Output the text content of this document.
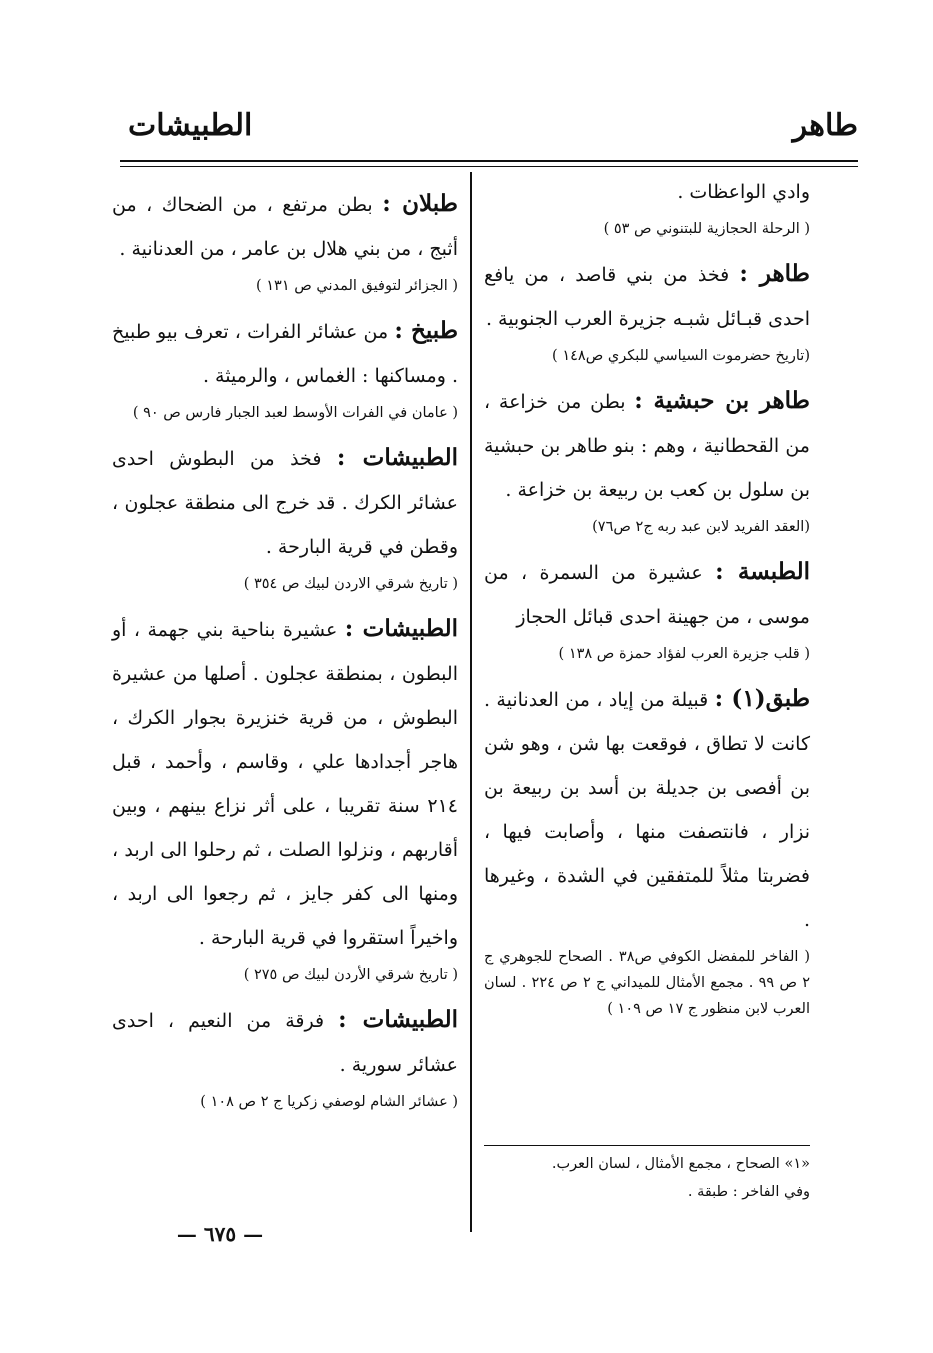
طاهر
الطبيشات

وادي الواعظات .

( الرحلة الحجازية للبتنوني ص ٥٣ )

طاهر : فخذ من بني قاصد ، من يافع احدى قبـائل شبـه جزيرة العرب الجنوبية .

(تاريخ حضرموت السياسي للبكري ص١٤٨ )

طاهر بن حبشية : بطن من خزاعة ، من القحطانية ، وهم : بنو طاهر بن حبشية بن سلول بن كعب بن ربيعة بن خزاعة .

(العقد الفريد لابن عبد ربه ج٢ ص٧٦)

الطبسة : عشيرة من السمرة ، من موسى ، من جهينة احدى قبائل الحجاز

( قلب جزيرة العرب لفؤاد حمزة ص ١٣٨ )

طبق(١) : قبيلة من إياد ، من العدنانية . كانت لا تطاق ، فوقعت بها شن ، وهو شن بن أفصى بن جديلة بن أسد بن ربيعة بن نزار ، فانتصفت منها ، وأصابت فيها ، فضربتا مثلاً للمتفقين في الشدة ، وغيرها .

( الفاخر للمفضل الكوفي ص٣٨ . الصحاح للجوهري ج ٢ ص ٩٩ . مجمع الأمثال للميداني ج ٢ ص ٢٢٤ . لسان العرب لابن منظور ج ١٧ ص ١٠٩ )

«١» الصحاح ، مجمع الأمثال ، لسان العرب.

وفي الفاخر : طبقة .

طبلان : بطن مرتفع ، من الضحاك ، من أثبج ، من بني هلال بن عامر ، من العدنانية .

( الجزائر لتوفيق المدني ص ١٣١ )

طبيخ : من عشائر الفرات ، تعرف بيو طبيخ . ومساكنها : الغماس ، والرميثة .

( عامان في الفرات الأوسط لعبد الجبار فارس ص ٩٠ )

الطبيشات : فخذ من البطوش احدى عشائر الكرك . قد خرج الى منطقة عجلون ، وقطن في قرية البارحة .

( تاريخ شرقي الاردن لبيك ص ٣٥٤ )

الطبيشات : عشيرة بناحية بني جهمة ، أو البطون ، بمنطقة عجلون . أصلها من عشيرة البطوش ، من قرية خنزيرة بجوار الكرك ، هاجر أجدادها علي ، وقاسم ، وأحمد ، قبل ٢١٤ سنة تقريبا ، على أثر نزاع بينهم ، وبين أقاربهم ، ونزلوا الصلت ، ثم رحلوا الى اربد ، ومنها الى كفر جايز ، ثم رجعوا الى اربد ، واخيراً استقروا في قرية البارحة .

( تاريخ شرقي الأردن لبيك ص ٢٧٥ )

الطبيشات : فرقة من النعيم ، احدى عشائر سورية .

( عشائر الشام لوصفي زكريا ج ٢ ص ١٠٨ )

— ٦٧٥ —
